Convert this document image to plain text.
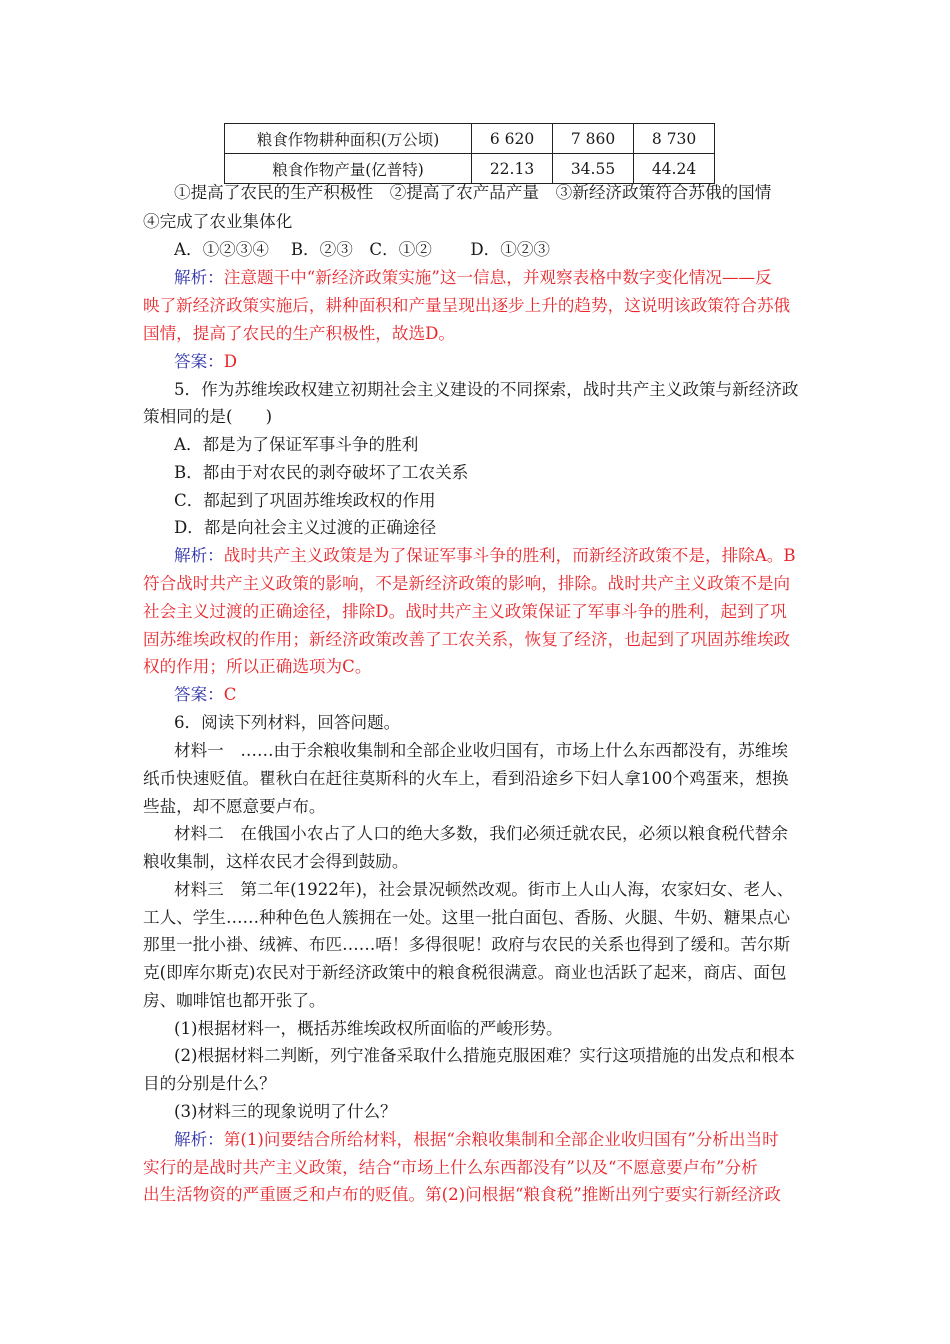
粮食作物耕种面积(万公顷)	6 620	7 860	8 730
粮食作物产量(亿普特)	22.13	34.55	44.24
①提高了农民的生产积极性　②提高了农产品产量　③新经济政策符合苏俄的国情
④完成了农业集体化
A．①②③④　 B．②③　C．①②　　 D．①②③
解析：注意题干中“新经济政策实施”这一信息，并观察表格中数字变化情况——反
映了新经济政策实施后，耕种面积和产量呈现出逐步上升的趋势，这说明该政策符合苏俄
国情，提高了农民的生产积极性，故选D。
答案：D
5．作为苏维埃政权建立初期社会主义建设的不同探索，战时共产主义政策与新经济政
策相同的是(　　)
A．都是为了保证军事斗争的胜利
B．都由于对农民的剥夺破坏了工农关系
C．都起到了巩固苏维埃政权的作用
D．都是向社会主义过渡的正确途径
解析：战时共产主义政策是为了保证军事斗争的胜利，而新经济政策不是，排除A。B
符合战时共产主义政策的影响，不是新经济政策的影响，排除。战时共产主义政策不是向
社会主义过渡的正确途径，排除D。战时共产主义政策保证了军事斗争的胜利，起到了巩
固苏维埃政权的作用；新经济政策改善了工农关系，恢复了经济，也起到了巩固苏维埃政
权的作用；所以正确选项为C。
答案：C
6．阅读下列材料，回答问题。
材料一　……由于余粮收集制和全部企业收归国有，市场上什么东西都没有，苏维埃
纸币快速贬值。瞿秋白在赶往莫斯科的火车上，看到沿途乡下妇人拿100个鸡蛋来，想换
些盐，却不愿意要卢布。
材料二　在俄国小农占了人口的绝大多数，我们必须迁就农民，必须以粮食税代替余
粮收集制，这样农民才会得到鼓励。
材料三　第二年(1922年)，社会景况顿然改观。街市上人山人海，农家妇女、老人、
工人、学生……种种色色人簇拥在一处。这里一批白面包、香肠、火腿、牛奶、糖果点心
那里一批小褂、绒裤、布匹……唔！多得很呢！政府与农民的关系也得到了缓和。苦尔斯
克(即库尔斯克)农民对于新经济政策中的粮食税很满意。商业也活跃了起来，商店、面包
房、咖啡馆也都开张了。
(1)根据材料一，概括苏维埃政权所面临的严峻形势。
(2)根据材料二判断，列宁准备采取什么措施克服困难？实行这项措施的出发点和根本
目的分别是什么？
(3)材料三的现象说明了什么？
解析：第(1)问要结合所给材料，根据“余粮收集制和全部企业收归国有”分析出当时
实行的是战时共产主义政策，结合“市场上什么东西都没有”以及“不愿意要卢布”分析
出生活物资的严重匮乏和卢布的贬值。第(2)问根据“粮食税”推断出列宁要实行新经济政
